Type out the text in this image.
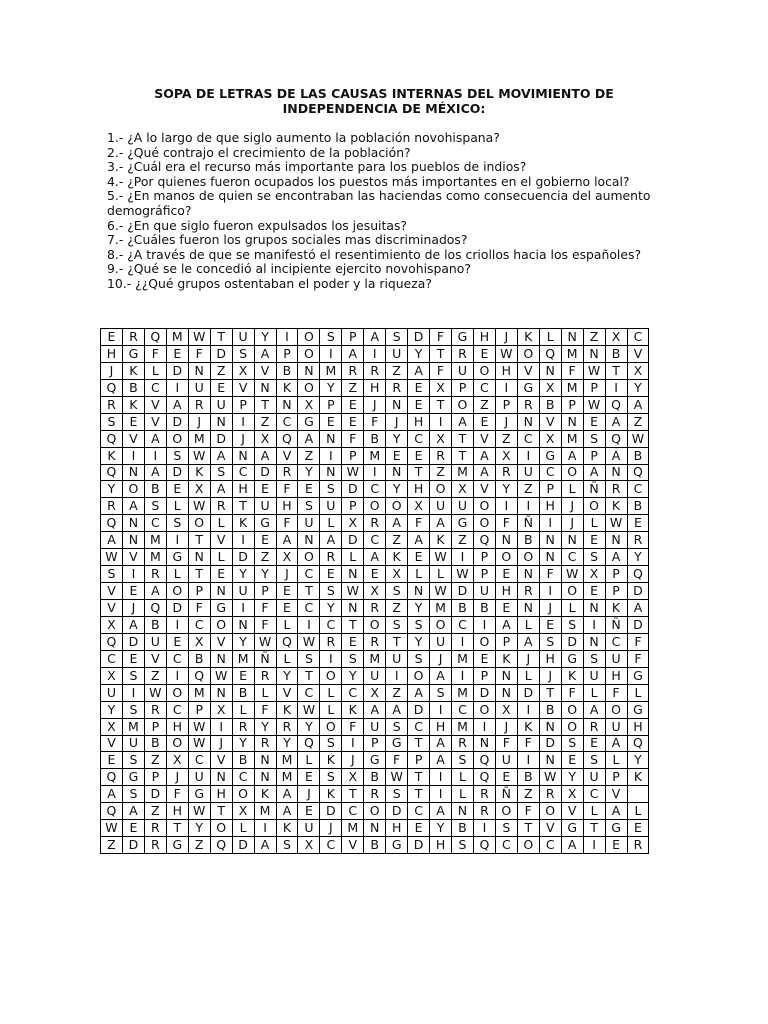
SOPA DE LETRAS DE LAS CAUSAS INTERNAS DEL MOVIMIENTO DE
INDEPENDENCIA DE MÉXICO:
1.- ¿A lo largo de que siglo aumento la población novohispana?
2.- ¿Qué contrajo el crecimiento de la población?
3.- ¿Cuál era el recurso más importante para los pueblos de indios?
4.- ¿Por quienes fueron ocupados los puestos más importantes en el gobierno local?
5.- ¿En manos de quien se encontraban las haciendas como consecuencia del aumento demográfico?
6.- ¿En que siglo fueron expulsados los jesuitas?
7.- ¿Cuáles fueron los grupos sociales mas discriminados?
8.- ¿A través de que se manifestó el resentimiento de los criollos hacia los españoles?
9.- ¿Qué se le concedió al incipiente ejercito novohispano?
10.- ¿¿Qué grupos ostentaban el poder y la riqueza?
E	R	Q	M	W	T	U	Y	I	O	S	P	A	S	D	F	G	H	J	K	L	N	Z	X	C
H	G	F	E	F	D	S	A	P	O	I	A	I	U	Y	T	R	E	W	O	Q	M	N	B	V
J	K	L	D	N	Z	X	V	B	N	M	R	R	Z	A	F	U	O	H	V	N	F	W	T	X
Q	B	C	I	U	E	V	N	K	O	Y	Z	H	R	E	X	P	C	I	G	X	M	P	I	Y
R	K	V	A	R	U	P	T	N	X	P	E	J	N	E	T	O	Z	P	R	B	P	W	Q	A
S	E	V	D	J	N	I	Z	C	G	E	E	F	J	H	I	A	E	J	N	V	N	E	A	Z
Q	V	A	O	M	D	J	X	Q	A	N	F	B	Y	C	X	T	V	Z	C	X	M	S	Q	W
K	I	I	S	W	A	N	A	V	Z	I	P	M	E	E	R	T	A	X	I	G	A	P	A	B
Q	N	A	D	K	S	C	D	R	Y	N	W	I	N	T	Z	M	A	R	U	C	O	A	N	Q
Y	O	B	E	X	A	H	E	F	E	S	D	C	Y	H	O	X	V	Y	Z	P	L	Ñ	R	C
R	A	S	L	W	R	T	U	H	S	U	P	O	O	X	U	U	O	I	I	H	J	O	K	B
Q	N	C	S	O	L	K	G	F	U	L	X	R	A	F	A	G	O	F	Ñ	I	J	L	W	E
A	N	M	I	T	V	I	E	A	N	A	D	C	Z	A	K	Z	Q	N	B	N	N	E	N	R
W	V	M	G	N	L	D	Z	X	O	R	L	A	K	E	W	I	P	O	O	N	C	S	A	Y
S	I	R	L	T	E	Y	Y	J	C	E	N	E	X	L	L	W	P	E	N	F	W	X	P	Q
V	E	A	O	P	N	U	P	E	T	S	W	X	S	N	W	D	U	H	R	I	O	E	P	D
V	J	Q	D	F	G	I	F	E	C	Y	N	R	Z	Y	M	B	B	E	N	J	L	N	K	A
X	A	B	I	C	O	N	F	L	I	C	T	O	S	S	O	C	I	A	L	E	S	I	Ñ	D
Q	D	U	E	X	V	Y	W	Q	W	R	E	R	T	Y	U	I	O	P	A	S	D	N	C	F
C	E	V	C	B	N	M	Ñ	L	S	I	S	M	U	S	J	M	E	K	J	H	G	S	U	F
X	S	Z	I	Q	W	E	R	Y	T	O	Y	U	I	O	A	I	P	N	L	J	K	U	H	G
U	I	W	O	M	N	B	L	V	C	L	C	X	Z	A	S	M	D	N	D	T	F	L	F	L
Y	S	R	C	P	X	L	F	K	W	L	K	A	A	D	I	C	O	X	I	B	O	A	O	G
X	M	P	H	W	I	R	Y	R	Y	O	F	U	S	C	H	M	I	J	K	N	O	R	U	H
V	U	B	O	W	J	Y	R	Y	Q	S	I	P	G	T	A	R	N	F	F	D	S	E	A	Q
E	S	Z	X	C	V	B	N	M	L	K	J	G	F	P	A	S	Q	U	I	N	E	S	L	Y
Q	G	P	J	U	N	C	N	M	E	S	X	B	W	T	I	L	Q	E	B	W	Y	U	P	K
A	S	D	F	G	H	O	K	A	J	K	T	R	S	T	I	L	R	Ñ	Z	R	X	C	V	
Q	A	Z	H	W	T	X	M	A	E	D	C	O	D	C	A	N	R	O	F	O	V	L	A	L
W	E	R	T	Y	O	L	I	K	U	J	M	N	H	E	Y	B	I	S	T	V	G	T	G	E
Z	D	R	G	Z	Q	D	A	S	X	C	V	B	G	D	H	S	Q	C	O	C	A	I	E	R
